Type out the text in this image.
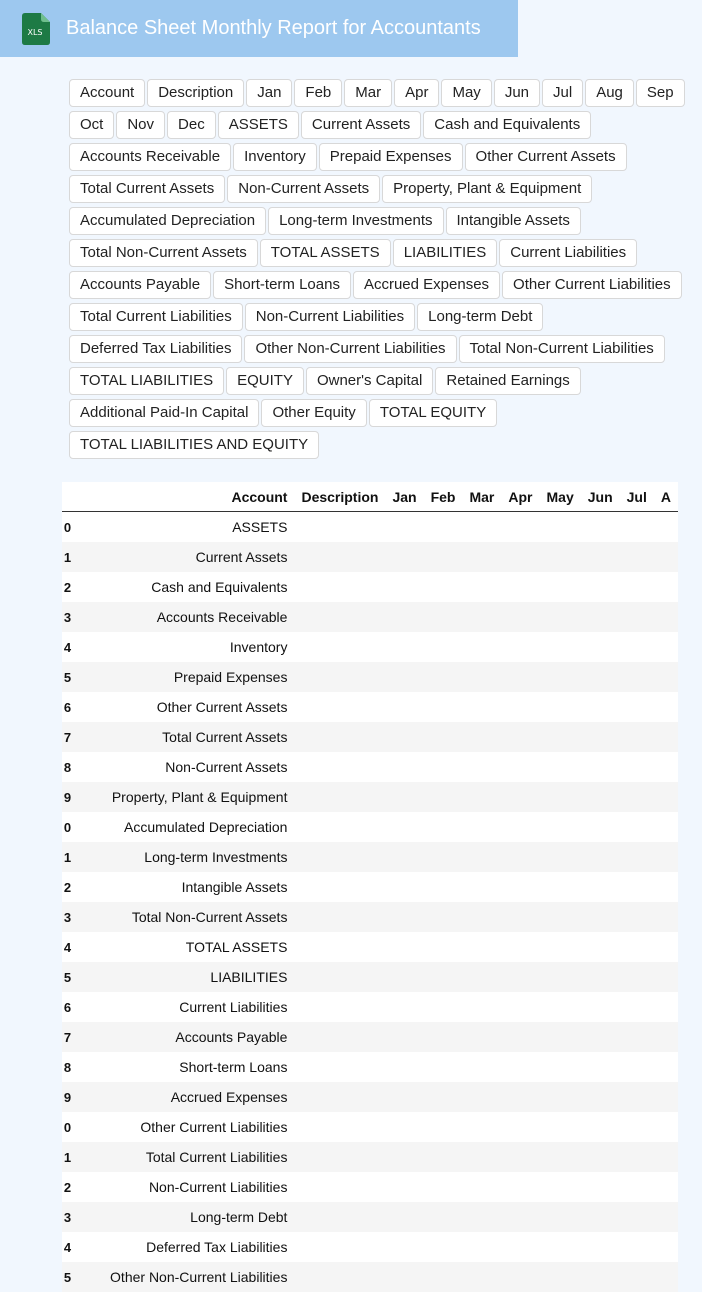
XLS Balance Sheet Monthly Report for Accountants
Account	Description	Jan	Feb	Mar	Apr	May	Jun	Jul	Aug	Sep
Oct	Nov	Dec	ASSETS	Current Assets	Cash and Equivalents
Accounts Receivable	Inventory	Prepaid Expenses	Other Current Assets
Total Current Assets	Non-Current Assets	Property, Plant & Equipment
Accumulated Depreciation	Long-term Investments	Intangible Assets
Total Non-Current Assets	TOTAL ASSETS	LIABILITIES	Current Liabilities
Accounts Payable	Short-term Loans	Accrued Expenses	Other Current Liabilities
Total Current Liabilities	Non-Current Liabilities	Long-term Debt
Deferred Tax Liabilities	Other Non-Current Liabilities	Total Non-Current Liabilities
TOTAL LIABILITIES	EQUITY	Owner's Capital	Retained Earnings
Additional Paid-In Capital	Other Equity	TOTAL EQUITY
TOTAL LIABILITIES AND EQUITY
	Account	Description	Jan	Feb	Mar	Apr	May	Jun	Jul	A
0	ASSETS									
1	Current Assets									
2	Cash and Equivalents									
3	Accounts Receivable									
4	Inventory									
5	Prepaid Expenses									
6	Other Current Assets									
7	Total Current Assets									
8	Non-Current Assets									
9	Property, Plant & Equipment									
0	Accumulated Depreciation									
1	Long-term Investments									
2	Intangible Assets									
3	Total Non-Current Assets									
4	TOTAL ASSETS									
5	LIABILITIES									
6	Current Liabilities									
7	Accounts Payable									
8	Short-term Loans									
9	Accrued Expenses									
0	Other Current Liabilities									
1	Total Current Liabilities									
2	Non-Current Liabilities									
3	Long-term Debt									
4	Deferred Tax Liabilities									
5	Other Non-Current Liabilities									
